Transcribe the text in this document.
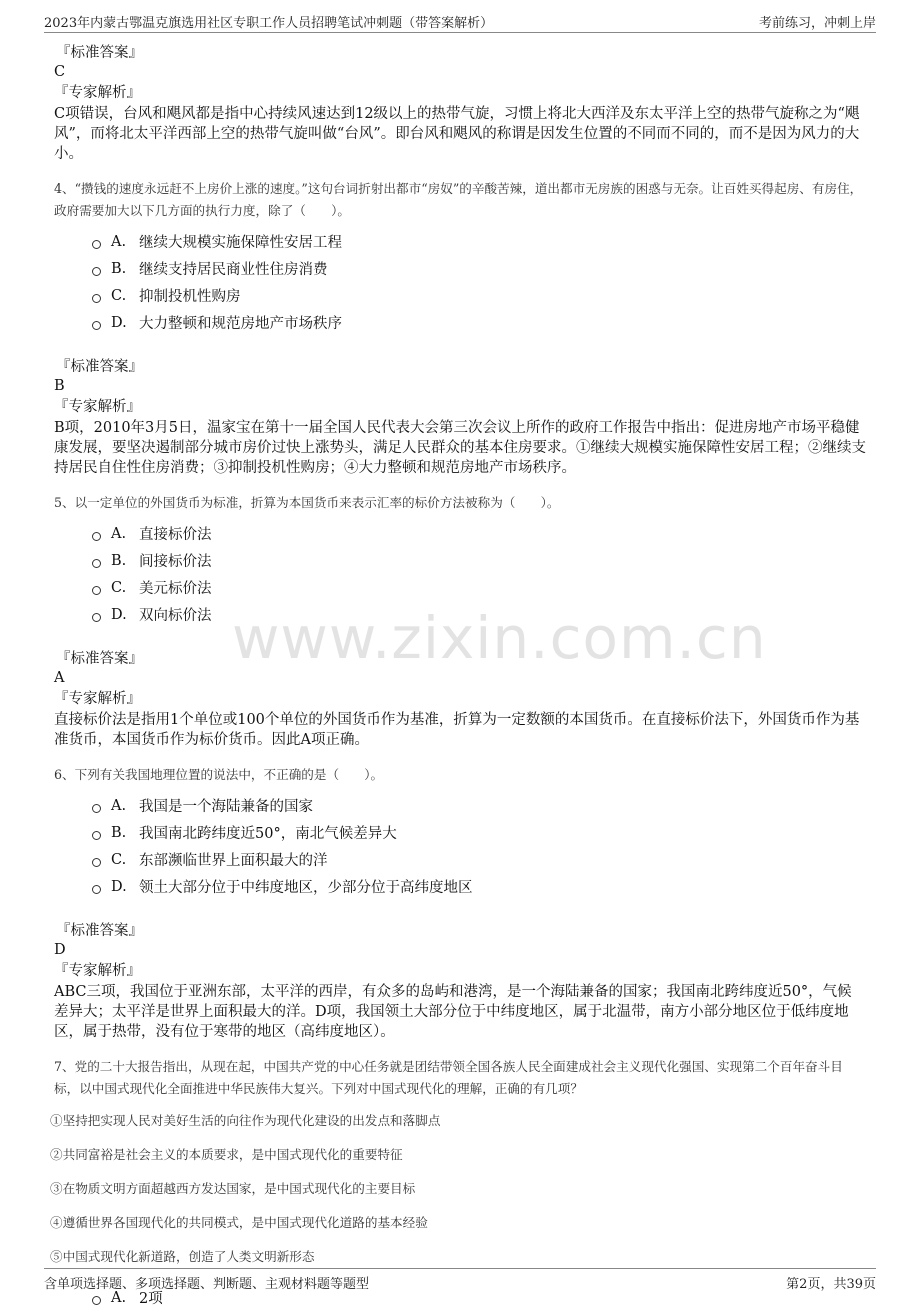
2023年内蒙古鄂温克旗选用社区专职工作人员招聘笔试冲刺题（带答案解析）	考前练习，冲刺上岸
www.zixin.com.cn
『标准答案』
C
『专家解析』
C项错误，台风和飓风都是指中心持续风速达到12级以上的热带气旋，习惯上将北大西洋及东太平洋上空的热带气旋称之为“飓风”，而将北太平洋西部上空的热带气旋叫做“台风”。即台风和飓风的称谓是因发生位置的不同而不同的，而不是因为风力的大小。
4、“攒钱的速度永远赶不上房价上涨的速度。”这句台词折射出都市“房奴”的辛酸苦辣，道出都市无房族的困惑与无奈。让百姓买得起房、有房住，政府需要加大以下几方面的执行力度，除了（　　）。
A. 继续大规模实施保障性安居工程
B. 继续支持居民商业性住房消费
C. 抑制投机性购房
D. 大力整顿和规范房地产市场秩序
『标准答案』
B
『专家解析』
B项，2010年3月5日，温家宝在第十一届全国人民代表大会第三次会议上所作的政府工作报告中指出：促进房地产市场平稳健康发展，要坚决遏制部分城市房价过快上涨势头，满足人民群众的基本住房要求。①继续大规模实施保障性安居工程；②继续支持居民自住性住房消费；③抑制投机性购房；④大力整顿和规范房地产市场秩序。
5、以一定单位的外国货币为标准，折算为本国货币来表示汇率的标价方法被称为（　　）。
A. 直接标价法
B. 间接标价法
C. 美元标价法
D. 双向标价法
『标准答案』
A
『专家解析』
直接标价法是指用1个单位或100个单位的外国货币作为基准，折算为一定数额的本国货币。在直接标价法下，外国货币作为基准货币，本国货币作为标价货币。因此A项正确。
6、下列有关我国地理位置的说法中，不正确的是（　　）。
A. 我国是一个海陆兼备的国家
B. 我国南北跨纬度近50°，南北气候差异大
C. 东部濒临世界上面积最大的洋
D. 领土大部分位于中纬度地区，少部分位于高纬度地区
『标准答案』
D
『专家解析』
ABC三项，我国位于亚洲东部，太平洋的西岸，有众多的岛屿和港湾，是一个海陆兼备的国家；我国南北跨纬度近50°，气候差异大；太平洋是世界上面积最大的洋。D项，我国领土大部分位于中纬度地区，属于北温带，南方小部分地区位于低纬度地区，属于热带，没有位于寒带的地区（高纬度地区）。
7、党的二十大报告指出，从现在起，中国共产党的中心任务就是团结带领全国各族人民全面建成社会主义现代化强国、实现第二个百年奋斗目标，以中国式现代化全面推进中华民族伟大复兴。下列对中国式现代化的理解，正确的有几项？
①坚持把实现人民对美好生活的向往作为现代化建设的出发点和落脚点
②共同富裕是社会主义的本质要求，是中国式现代化的重要特征
③在物质文明方面超越西方发达国家，是中国式现代化的主要目标
④遵循世界各国现代化的共同模式，是中国式现代化道路的基本经验
⑤中国式现代化新道路，创造了人类文明新形态
A. 2项
含单项选择题、多项选择题、判断题、主观材料题等题型	第2页，共39页
